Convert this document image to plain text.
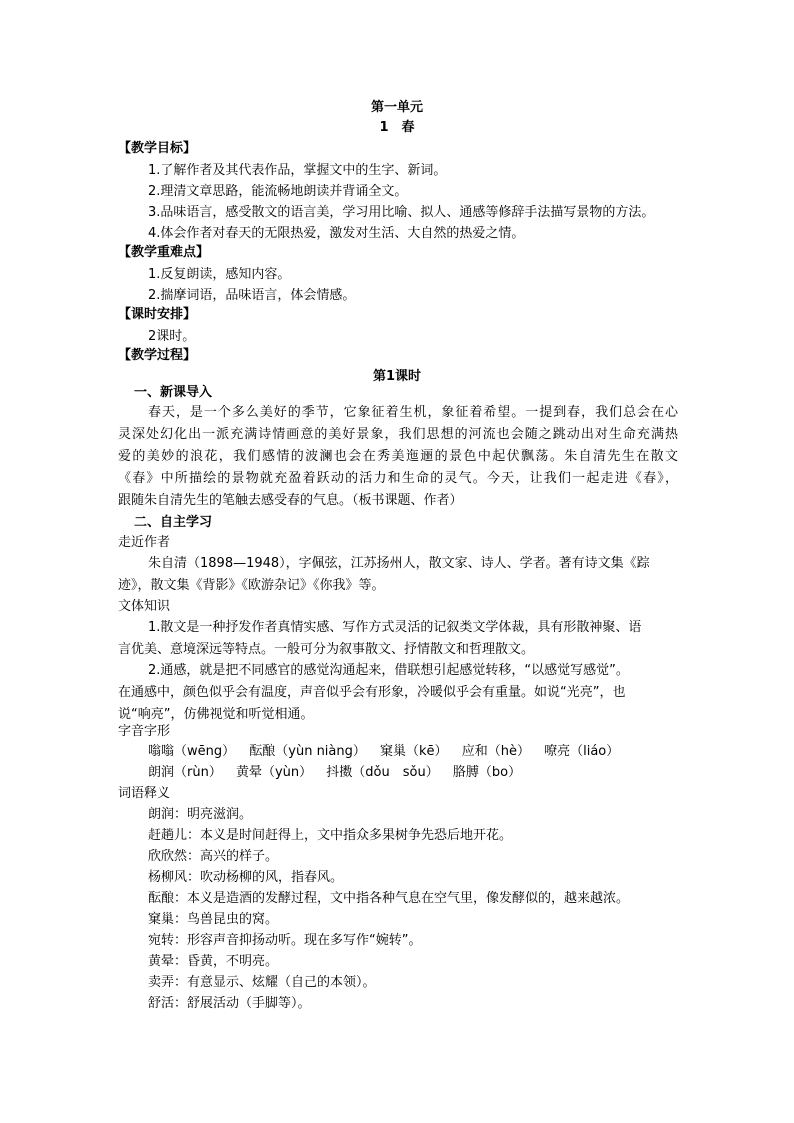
第一单元
1　春
【教学目标】
1.了解作者及其代表作品，掌握文中的生字、新词。
2.理清文章思路，能流畅地朗读并背诵全文。
3.品味语言，感受散文的语言美，学习用比喻、拟人、通感等修辞手法描写景物的方法。
4.体会作者对春天的无限热爱，激发对生活、大自然的热爱之情。
【教学重难点】
1.反复朗读，感知内容。
2.揣摩词语，品味语言，体会情感。
【课时安排】
2课时。
【教学过程】
第1课时
一、新课导入

春天，是一个多么美好的季节，它象征着生机，象征着希望。一提到春，我们总会在心

灵深处幻化出一派充满诗情画意的美好景象，我们思想的河流也会随之跳动出对生命充满热

爱的美妙的浪花，我们感情的波澜也会在秀美迤逦的景色中起伏飘荡。朱自清先生在散文

《春》中所描绘的景物就充盈着跃动的活力和生命的灵气。今天，让我们一起走进《春》，

跟随朱自清先生的笔触去感受春的气息。（板书课题、作者）

二、自主学习
走近作者

朱自清（1898—1948），字佩弦，江苏扬州人，散文家、诗人、学者。著有诗文集《踪

迹》，散文集《背影》《欧游杂记》《你我》等。

文体知识

1.散文是一种抒发作者真情实感、写作方式灵活的记叙类文学体裁，具有形散神聚、语

言优美、意境深远等特点。一般可分为叙事散文、抒情散文和哲理散文。

2.通感，就是把不同感官的感觉沟通起来，借联想引起感觉转移，“以感觉写感觉”。

在通感中，颜色似乎会有温度，声音似乎会有形象，冷暖似乎会有重量。如说“光亮”，也

说“响亮”，仿佛视觉和听觉相通。

字音字形
嗡嗡（wēng） 酝酿（yùn niàng） 窠巢（kē） 应和（hè） 嘹亮（liáo）
朗润（rùn） 黄晕（yùn） 抖擞（dǒu　sǒu） 胳膊（bo）
词语释义
朗润：明亮滋润。
赶趟儿：本义是时间赶得上，文中指众多果树争先恐后地开花。
欣欣然：高兴的样子。
杨柳风：吹动杨柳的风，指春风。
酝酿：本义是造酒的发酵过程，文中指各种气息在空气里，像发酵似的，越来越浓。
窠巢：鸟兽昆虫的窝。
宛转：形容声音抑扬动听。现在多写作“婉转”。
黄晕：昏黄，不明亮。
卖弄：有意显示、炫耀（自己的本领）。
舒活：舒展活动（手脚等）。
